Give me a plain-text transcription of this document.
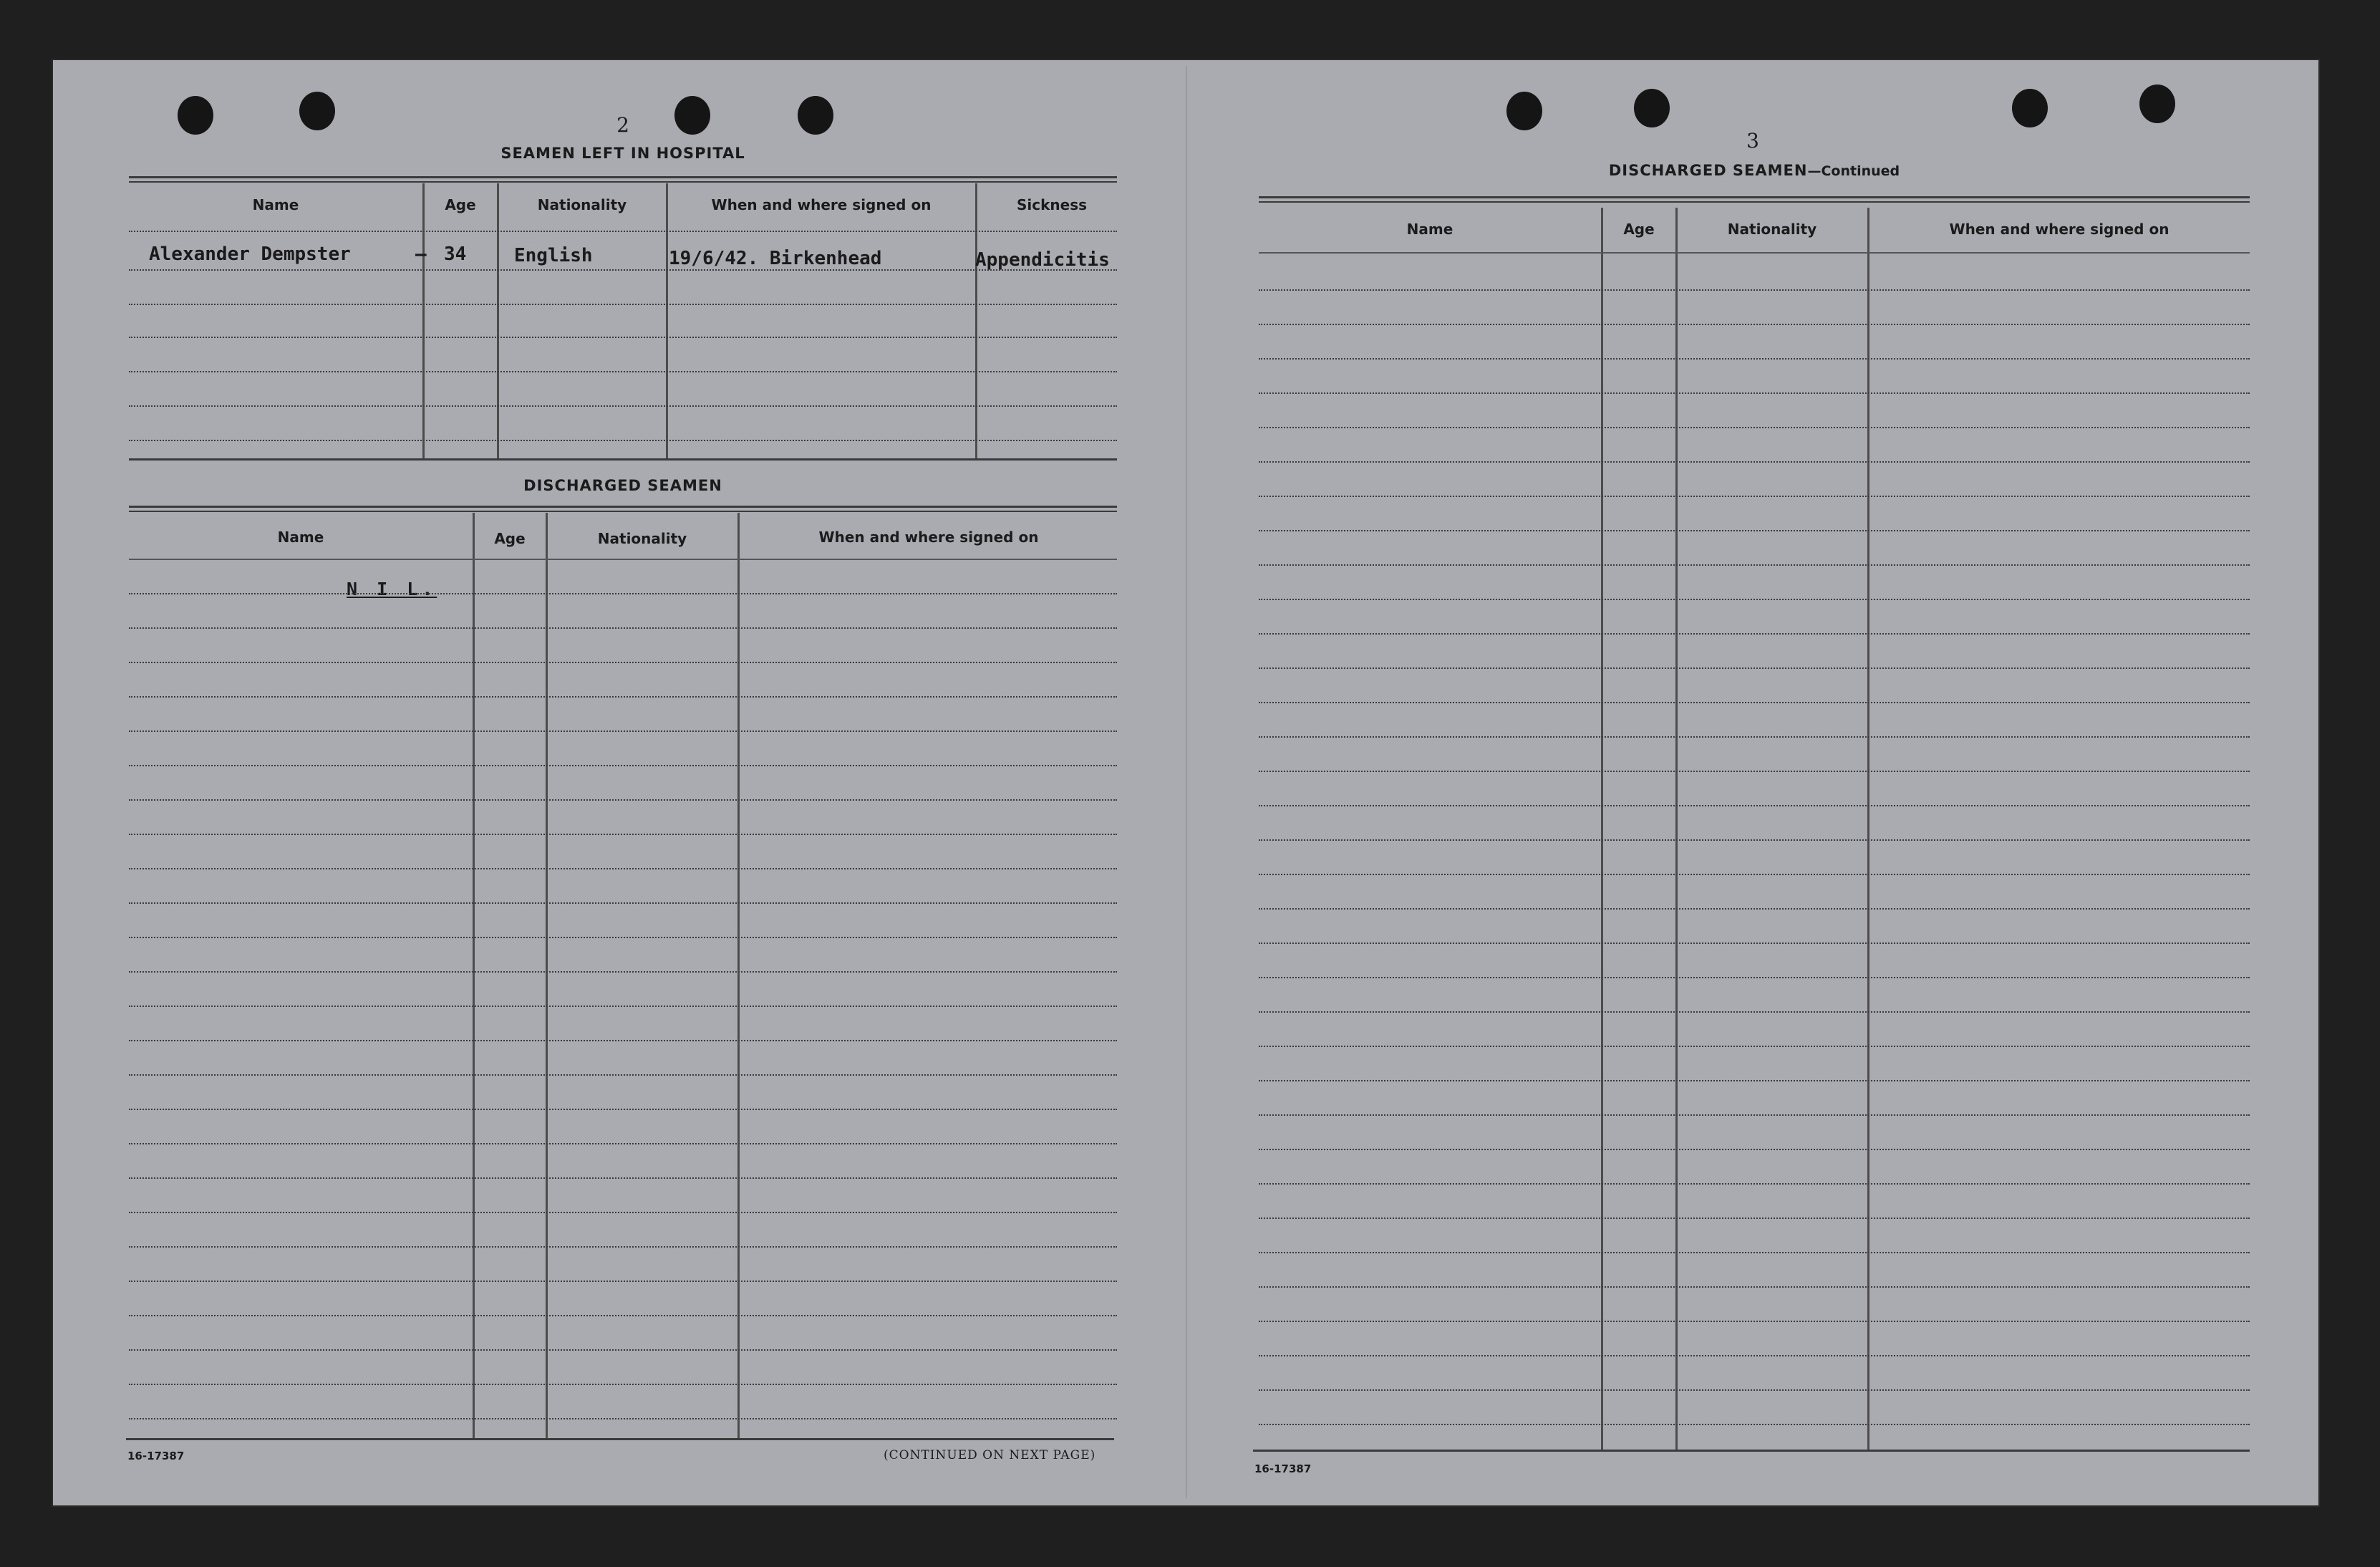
2
SEAMEN LEFT IN HOSPITAL
Name	Age	Nationality	When and where signed on	Sickness
Alexander Dempster	– 34	English	19/6/42. Birkenhead	Appendicitis
DISCHARGED SEAMEN
Name	Age	Nationality	When and where signed on
N I L.
16-17387	(CONTINUED ON NEXT PAGE)
3
DISCHARGED SEAMEN—Continued
Name	Age	Nationality	When and where signed on
16-17387
